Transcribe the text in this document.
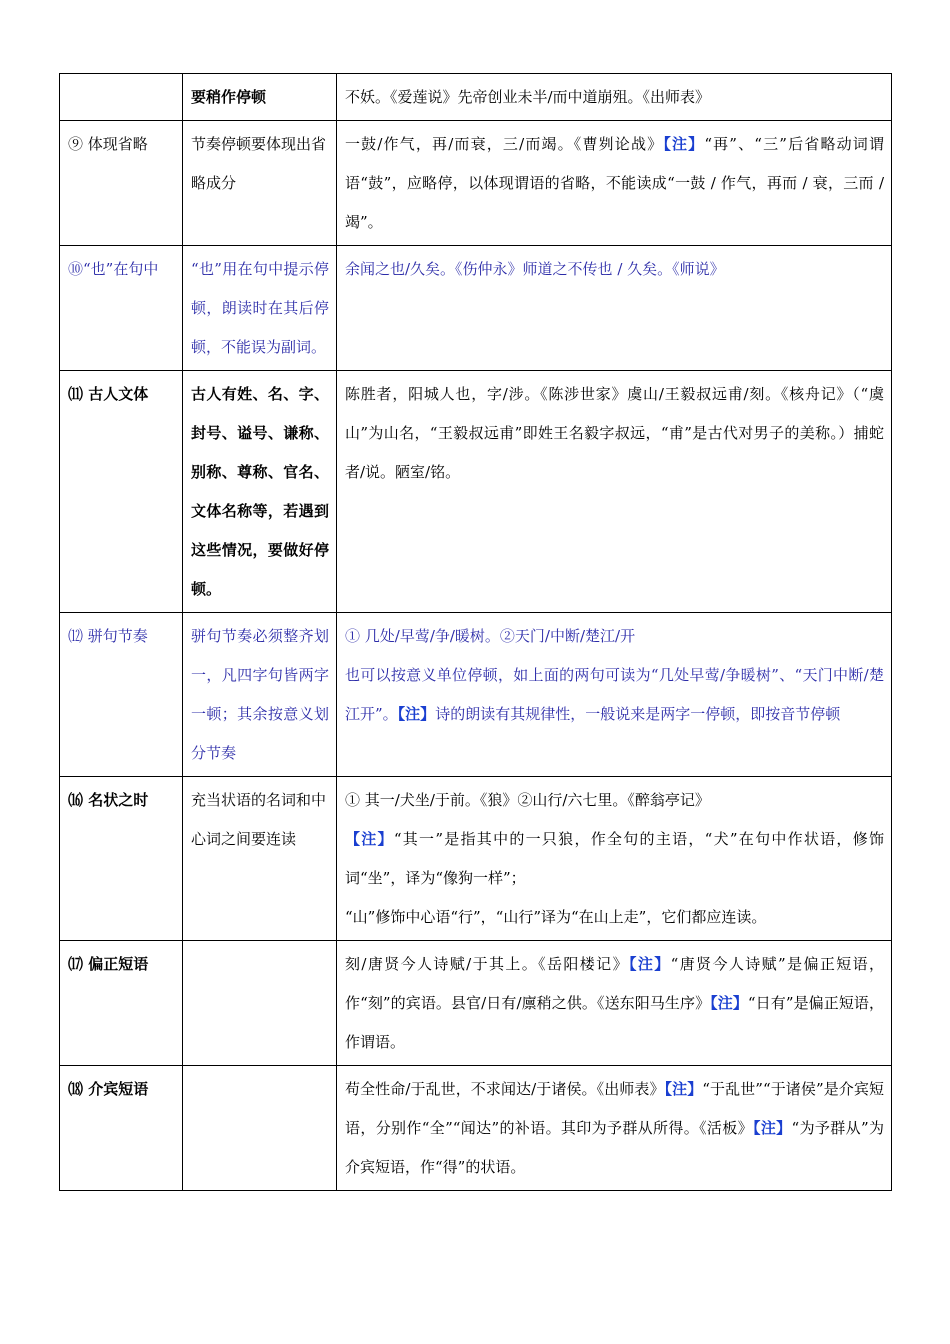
	要稍作停顿	不妖。《爱莲说》先帝创业未半/而中道崩殂。《出师表》
⑨ 体现省略	节奏停顿要体现出省略成分	一鼓/作气，再/而衰，三/而竭。《曹刿论战》【注】“再”、“三”后省略动词谓语“鼓”，应略停，以体现谓语的省略，不能读成“一鼓 / 作气，再而 / 衰，三而 / 竭”。
⑩“也”在句中	“也”用在句中提示停顿，朗读时在其后停顿，不能误为副词。	余闻之也/久矣。《伤仲永》师道之不传也 / 久矣。《师说》
⑾ 古人文体	古人有姓、名、字、封号、谥号、谦称、别称、尊称、官名、文体名称等，若遇到这些情况，要做好停顿。	陈胜者，阳城人也，字/涉。《陈涉世家》虞山/王毅叔远甫/刻。《核舟记》（“虞山”为山名，“王毅叔远甫”即姓王名毅字叔远，“甫”是古代对男子的美称。）捕蛇者/说。陋室/铭。
⑿ 骈句节奏	骈句节奏必须整齐划一，凡四字句皆两字一顿；其余按意义划分节奏	① 几处/早莺/争/暖树。②天门/中断/楚江/开
也可以按意义单位停顿，如上面的两句可读为“几处早莺/争暖树”、“天门中断/楚江开”。【注】诗的朗读有其规律性，一般说来是两字一停顿，即按音节停顿
⒃ 名状之时	充当状语的名词和中心词之间要连读	① 其一/犬坐/于前。《狼》②山行/六七里。《醉翁亭记》
【注】“其一”是指其中的一只狼，作全句的主语，“犬”在句中作状语，修饰词“坐”，译为“像狗一样”；
“山”修饰中心语“行”，“山行”译为“在山上走”，它们都应连读。

⒄ 偏正短语		刻/唐贤今人诗赋/于其上。《岳阳楼记》【注】“唐贤今人诗赋”是偏正短语，作“刻”的宾语。县官/日有/廪稍之供。《送东阳马生序》【注】“日有”是偏正短语，作谓语。
⒅ 介宾短语		苟全性命/于乱世，不求闻达/于诸侯。《出师表》【注】“于乱世”“于诸侯”是介宾短语，分别作“全”“闻达”的补语。其印为予群从所得。《活板》【注】“为予群从”为介宾短语，作“得”的状语。
